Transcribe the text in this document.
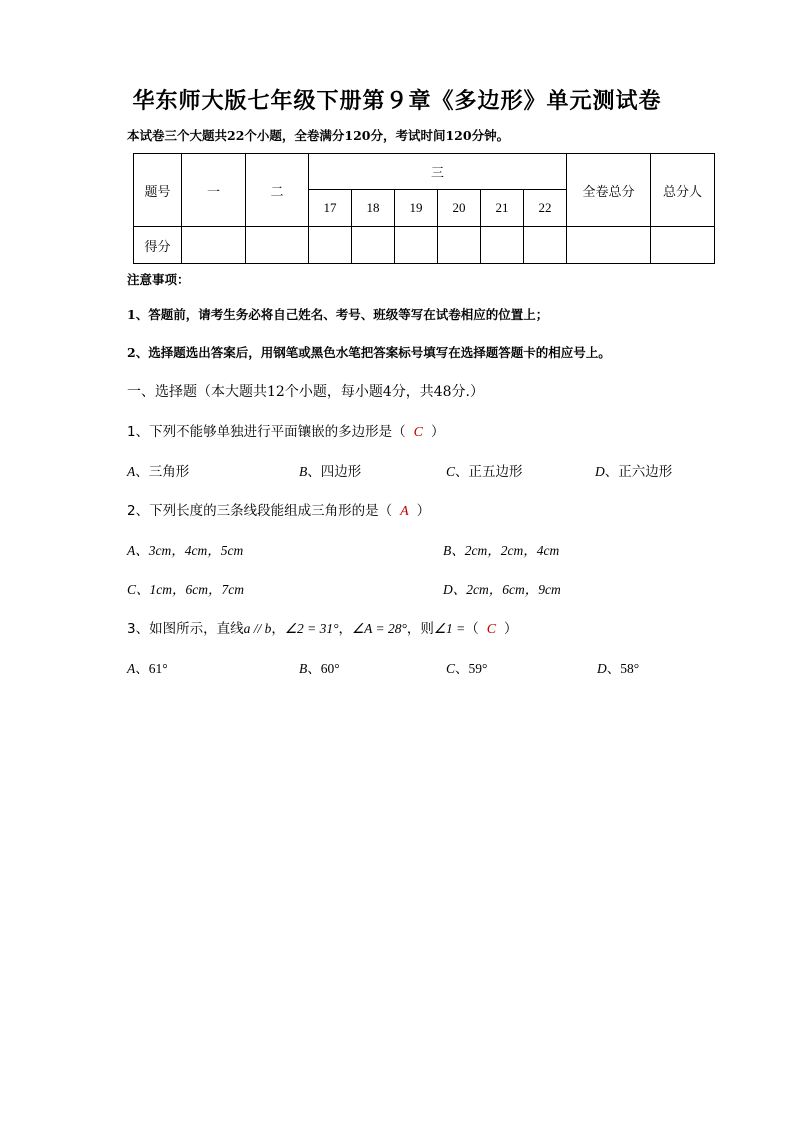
华东师大版七年级下册第９章《多边形》单元测试卷
本试卷三个大题共22个小题，全卷满分120分，考试时间120分钟。
题号	一	二	三						全卷总分	总分人
			17	18	19	20	21	22		
得分										
注意事项：
1、答题前，请考生务必将自己姓名、考号、班级等写在试卷相应的位置上；
2、选择题选出答案后，用钢笔或黑色水笔把答案标号填写在选择题答题卡的相应号上。
一、选择题（本大题共12个小题，每小题4分，共48分.）
1、下列不能够单独进行平面镶嵌的多边形是（ C ）
A、三角形	B、四边形	C、正五边形	D、正六边形
2、下列长度的三条线段能组成三角形的是（ A ）
A、3cm，4cm，5cm	B、2cm，2cm，4cm
C、1cm，6cm，7cm	D、2cm，6cm，9cm
3、如图所示，直线a // b，∠2 = 31°，∠A = 28°，则∠1 =（ C ）
A、61°	B、60°	C、59°	D、58°
